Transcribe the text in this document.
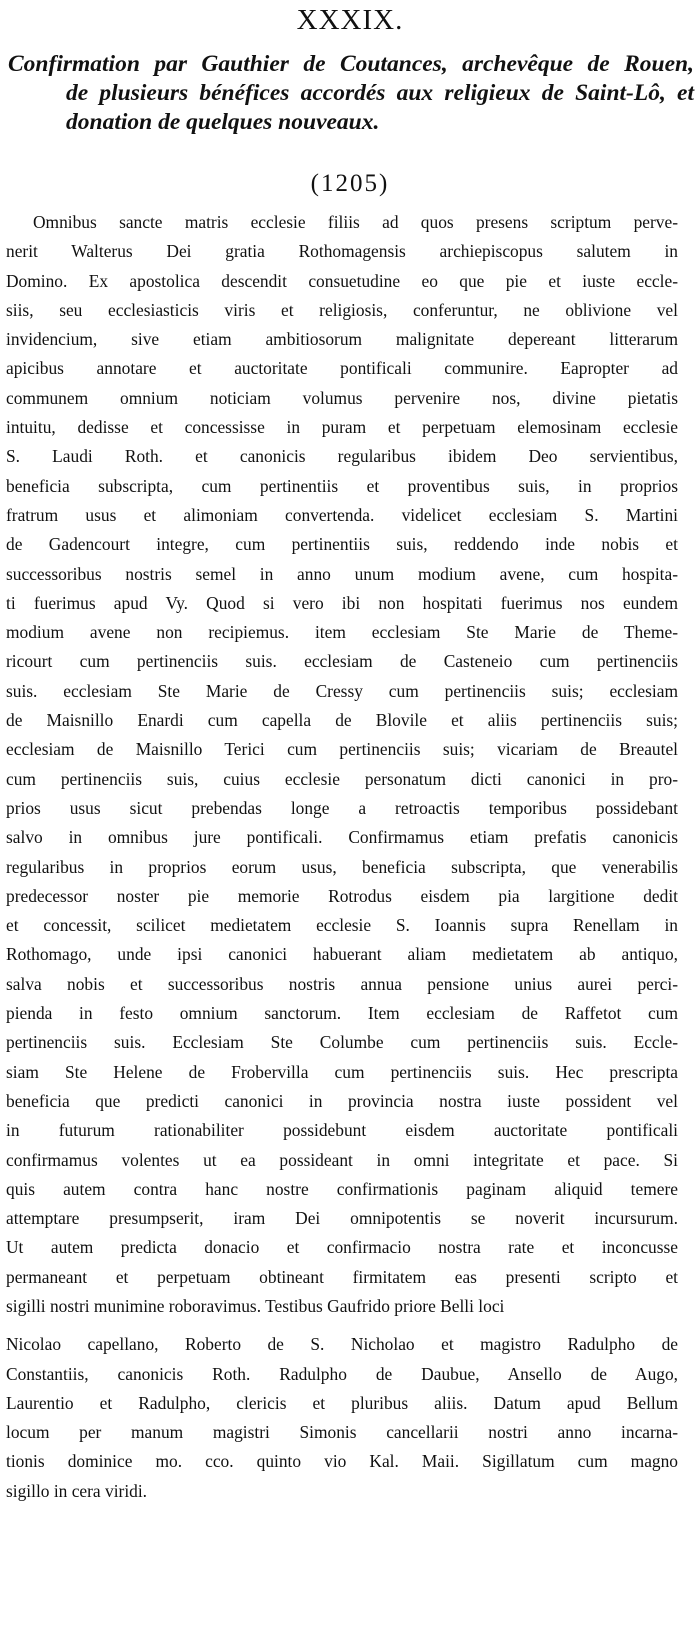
XXXIX.
Confirmation par Gauthier de Coutances, archevêque de Rouen,
de plusieurs bénéfices accordés aux religieux de Saint-Lô, et
donation de quelques nouveaux.
(1205)
Omnibus sancte matris ecclesie filiis ad quos presens scriptum perve-
nerit Walterus Dei gratia Rothomagensis archiepiscopus salutem in
Domino. Ex apostolica descendit consuetudine eo que pie et iuste eccle-
siis, seu ecclesiasticis viris et religiosis, conferuntur, ne oblivione vel
invidencium, sive etiam ambitiosorum malignitate depereant litterarum
apicibus annotare et auctoritate pontificali communire. Eapropter ad
communem omnium noticiam volumus pervenire nos, divine pietatis
intuitu, dedisse et concessisse in puram et perpetuam elemosinam ecclesie
S. Laudi Roth. et canonicis regularibus ibidem Deo servientibus,
beneficia subscripta, cum pertinentiis et proventibus suis, in proprios
fratrum usus et alimoniam convertenda. videlicet ecclesiam S. Martini
de Gadencourt integre, cum pertinentiis suis, reddendo inde nobis et
successoribus nostris semel in anno unum modium avene, cum hospita-
ti fuerimus apud Vy. Quod si vero ibi non hospitati fuerimus nos eundem
modium avene non recipiemus. item ecclesiam Ste Marie de Theme-
ricourt cum pertinenciis suis. ecclesiam de Casteneio cum pertinenciis
suis. ecclesiam Ste Marie de Cressy cum pertinenciis suis; ecclesiam
de Maisnillo Enardi cum capella de Blovile et aliis pertinenciis suis;
ecclesiam de Maisnillo Terici cum pertinenciis suis; vicariam de Breautel
cum pertinenciis suis, cuius ecclesie personatum dicti canonici in pro-
prios usus sicut prebendas longe a retroactis temporibus possidebant
salvo in omnibus jure pontificali. Confirmamus etiam prefatis canonicis
regularibus in proprios eorum usus, beneficia subscripta, que venerabilis
predecessor noster pie memorie Rotrodus eisdem pia largitione dedit
et concessit, scilicet medietatem ecclesie S. Ioannis supra Renellam in
Rothomago, unde ipsi canonici habuerant aliam medietatem ab antiquo,
salva nobis et successoribus nostris annua pensione unius aurei perci-
pienda in festo omnium sanctorum. Item ecclesiam de Raffetot cum
pertinenciis suis. Ecclesiam Ste Columbe cum pertinenciis suis. Eccle-
siam Ste Helene de Frobervilla cum pertinenciis suis. Hec prescripta
beneficia que predicti canonici in provincia nostra iuste possident vel
in futurum rationabiliter possidebunt eisdem auctoritate pontificali
confirmamus volentes ut ea possideant in omni integritate et pace. Si
quis autem contra hanc nostre confirmationis paginam aliquid temere
attemptare presumpserit, iram Dei omnipotentis se noverit incursurum.
Ut autem predicta donacio et confirmacio nostra rate et inconcusse
permaneant et perpetuam obtineant firmitatem eas presenti scripto et
sigilli nostri munimine roboravimus. Testibus Gaufrido priore Belli loci
Nicolao capellano, Roberto de S. Nicholao et magistro Radulpho de
Constantiis, canonicis Roth. Radulpho de Daubue, Ansello de Augo,
Laurentio et Radulpho, clericis et pluribus aliis. Datum apud Bellum
locum per manum magistri Simonis cancellarii nostri anno incarna-
tionis dominice mo. cco. quinto vio Kal. Maii. Sigillatum cum magno
sigillo in cera viridi.
